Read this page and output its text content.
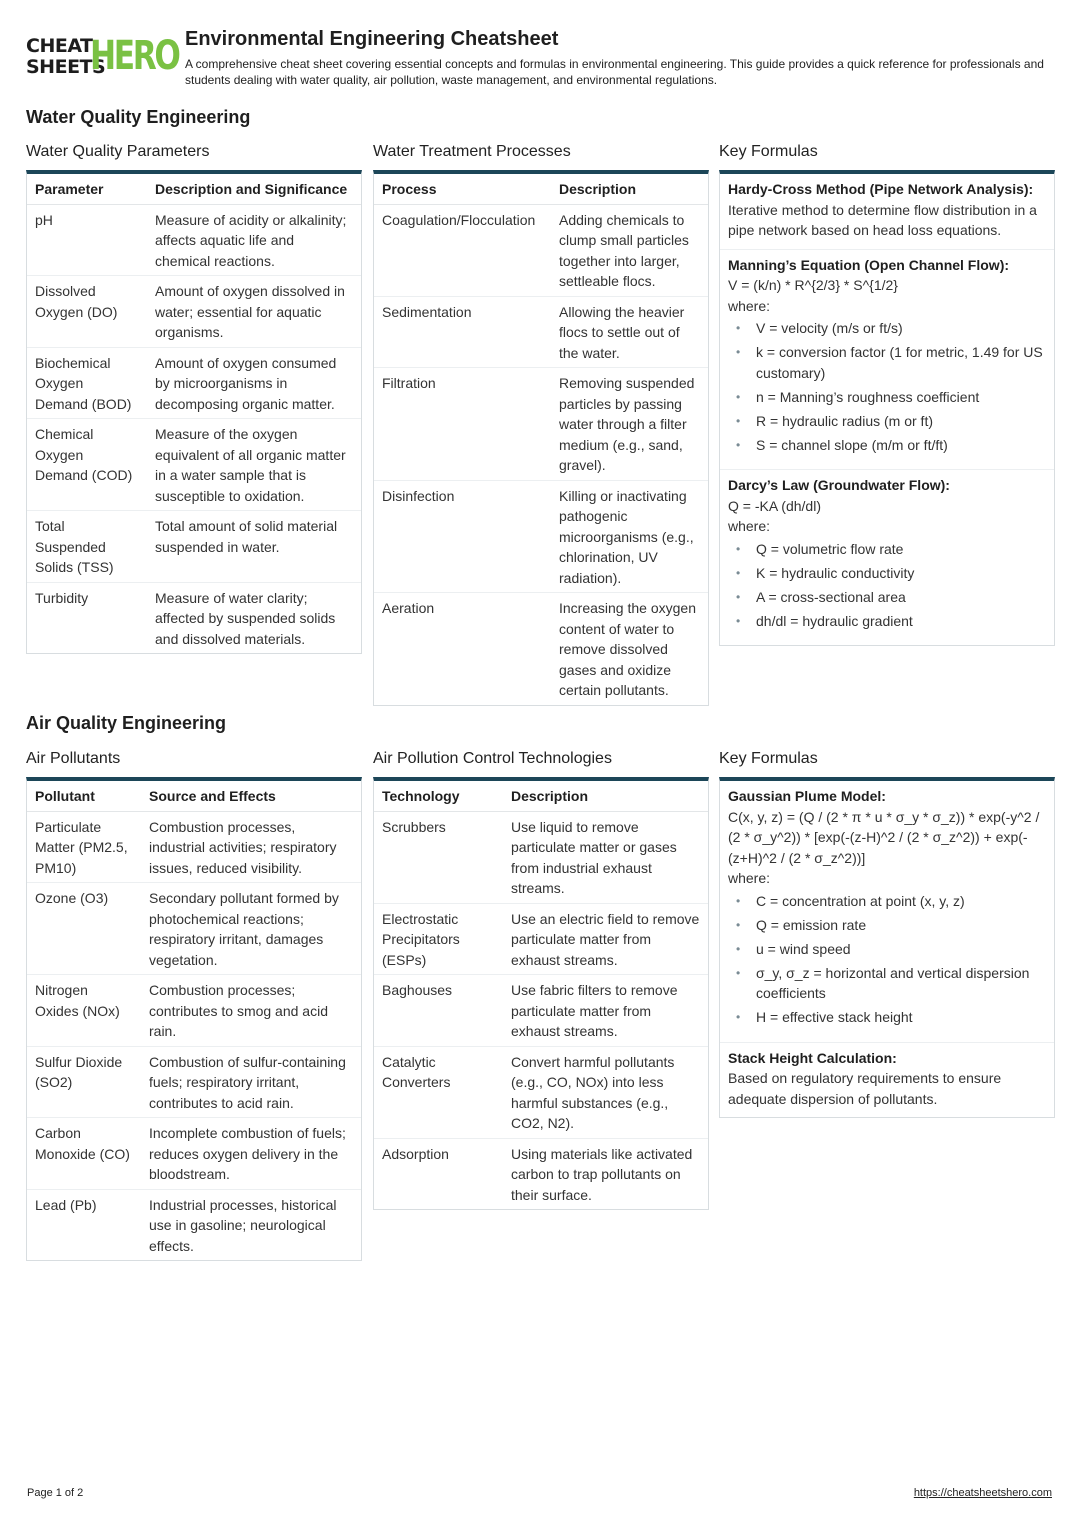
CHEAT
SHEETS
HERO Environmental Engineering Cheatsheet
A comprehensive cheat sheet covering essential concepts and formulas in environmental engineering. This guide provides a quick reference for professionals and students dealing with water quality, air pollution, waste management, and environmental regulations.
Water Quality Engineering
Water Quality Parameters
Parameter	Description and Significance
pH	Measure of acidity or alkalinity; affects aquatic life and chemical reactions.
Dissolved Oxygen (DO)	Amount of oxygen dissolved in water; essential for aquatic organisms.
Biochemical Oxygen Demand (BOD)	Amount of oxygen consumed by microorganisms in decomposing organic matter.
Chemical Oxygen Demand (COD)	Measure of the oxygen equivalent of all organic matter in a water sample that is susceptible to oxidation.
Total Suspended Solids (TSS)	Total amount of solid material suspended in water.
Turbidity	Measure of water clarity; affected by suspended solids and dissolved materials.
Water Treatment Processes
Process	Description
Coagulation/Flocculation	Adding chemicals to clump small particles together into larger, settleable flocs.
Sedimentation	Allowing the heavier flocs to settle out of the water.
Filtration	Removing suspended particles by passing water through a filter medium (e.g., sand, gravel).
Disinfection	Killing or inactivating pathogenic microorganisms (e.g., chlorination, UV radiation).
Aeration	Increasing the oxygen content of water to remove dissolved gases and oxidize certain pollutants.
Key Formulas
Hardy-Cross Method (Pipe Network Analysis):
Iterative method to determine flow distribution in a pipe network based on head loss equations.
Manning’s Equation (Open Channel Flow):
V = (k/n) * R^{2/3} * S^{1/2}
where:
• V = velocity (m/s or ft/s)
• k = conversion factor (1 for metric, 1.49 for US customary)
• n = Manning’s roughness coefficient
• R = hydraulic radius (m or ft)
• S = channel slope (m/m or ft/ft)
Darcy’s Law (Groundwater Flow):
Q = -KA (dh/dl)
where:
• Q = volumetric flow rate
• K = hydraulic conductivity
• A = cross-sectional area
• dh/dl = hydraulic gradient
Air Quality Engineering
Air Pollutants
Pollutant	Source and Effects
Particulate Matter (PM2.5, PM10)	Combustion processes, industrial activities; respiratory issues, reduced visibility.
Ozone (O3)	Secondary pollutant formed by photochemical reactions; respiratory irritant, damages vegetation.
Nitrogen Oxides (NOx)	Combustion processes; contributes to smog and acid rain.
Sulfur Dioxide (SO2)	Combustion of sulfur-containing fuels; respiratory irritant, contributes to acid rain.
Carbon Monoxide (CO)	Incomplete combustion of fuels; reduces oxygen delivery in the bloodstream.
Lead (Pb)	Industrial processes, historical use in gasoline; neurological effects.
Air Pollution Control Technologies
Technology	Description
Scrubbers	Use liquid to remove particulate matter or gases from industrial exhaust streams.
Electrostatic Precipitators (ESPs)	Use an electric field to remove particulate matter from exhaust streams.
Baghouses	Use fabric filters to remove particulate matter from exhaust streams.
Catalytic Converters	Convert harmful pollutants (e.g., CO, NOx) into less harmful substances (e.g., CO2, N2).
Adsorption	Using materials like activated carbon to trap pollutants on their surface.
Key Formulas
Gaussian Plume Model:
C(x, y, z) = (Q / (2 * π * u * σ_y * σ_z)) * exp(-y^2 / (2 * σ_y^2)) * [exp(-(z-H)^2 / (2 * σ_z^2)) + exp(-(z+H)^2 / (2 * σ_z^2))]
where:
• C = concentration at point (x, y, z)
• Q = emission rate
• u = wind speed
• σ_y, σ_z = horizontal and vertical dispersion coefficients
• H = effective stack height
Stack Height Calculation:
Based on regulatory requirements to ensure adequate dispersion of pollutants.
Page 1 of 2	https://cheatsheetshero.com
